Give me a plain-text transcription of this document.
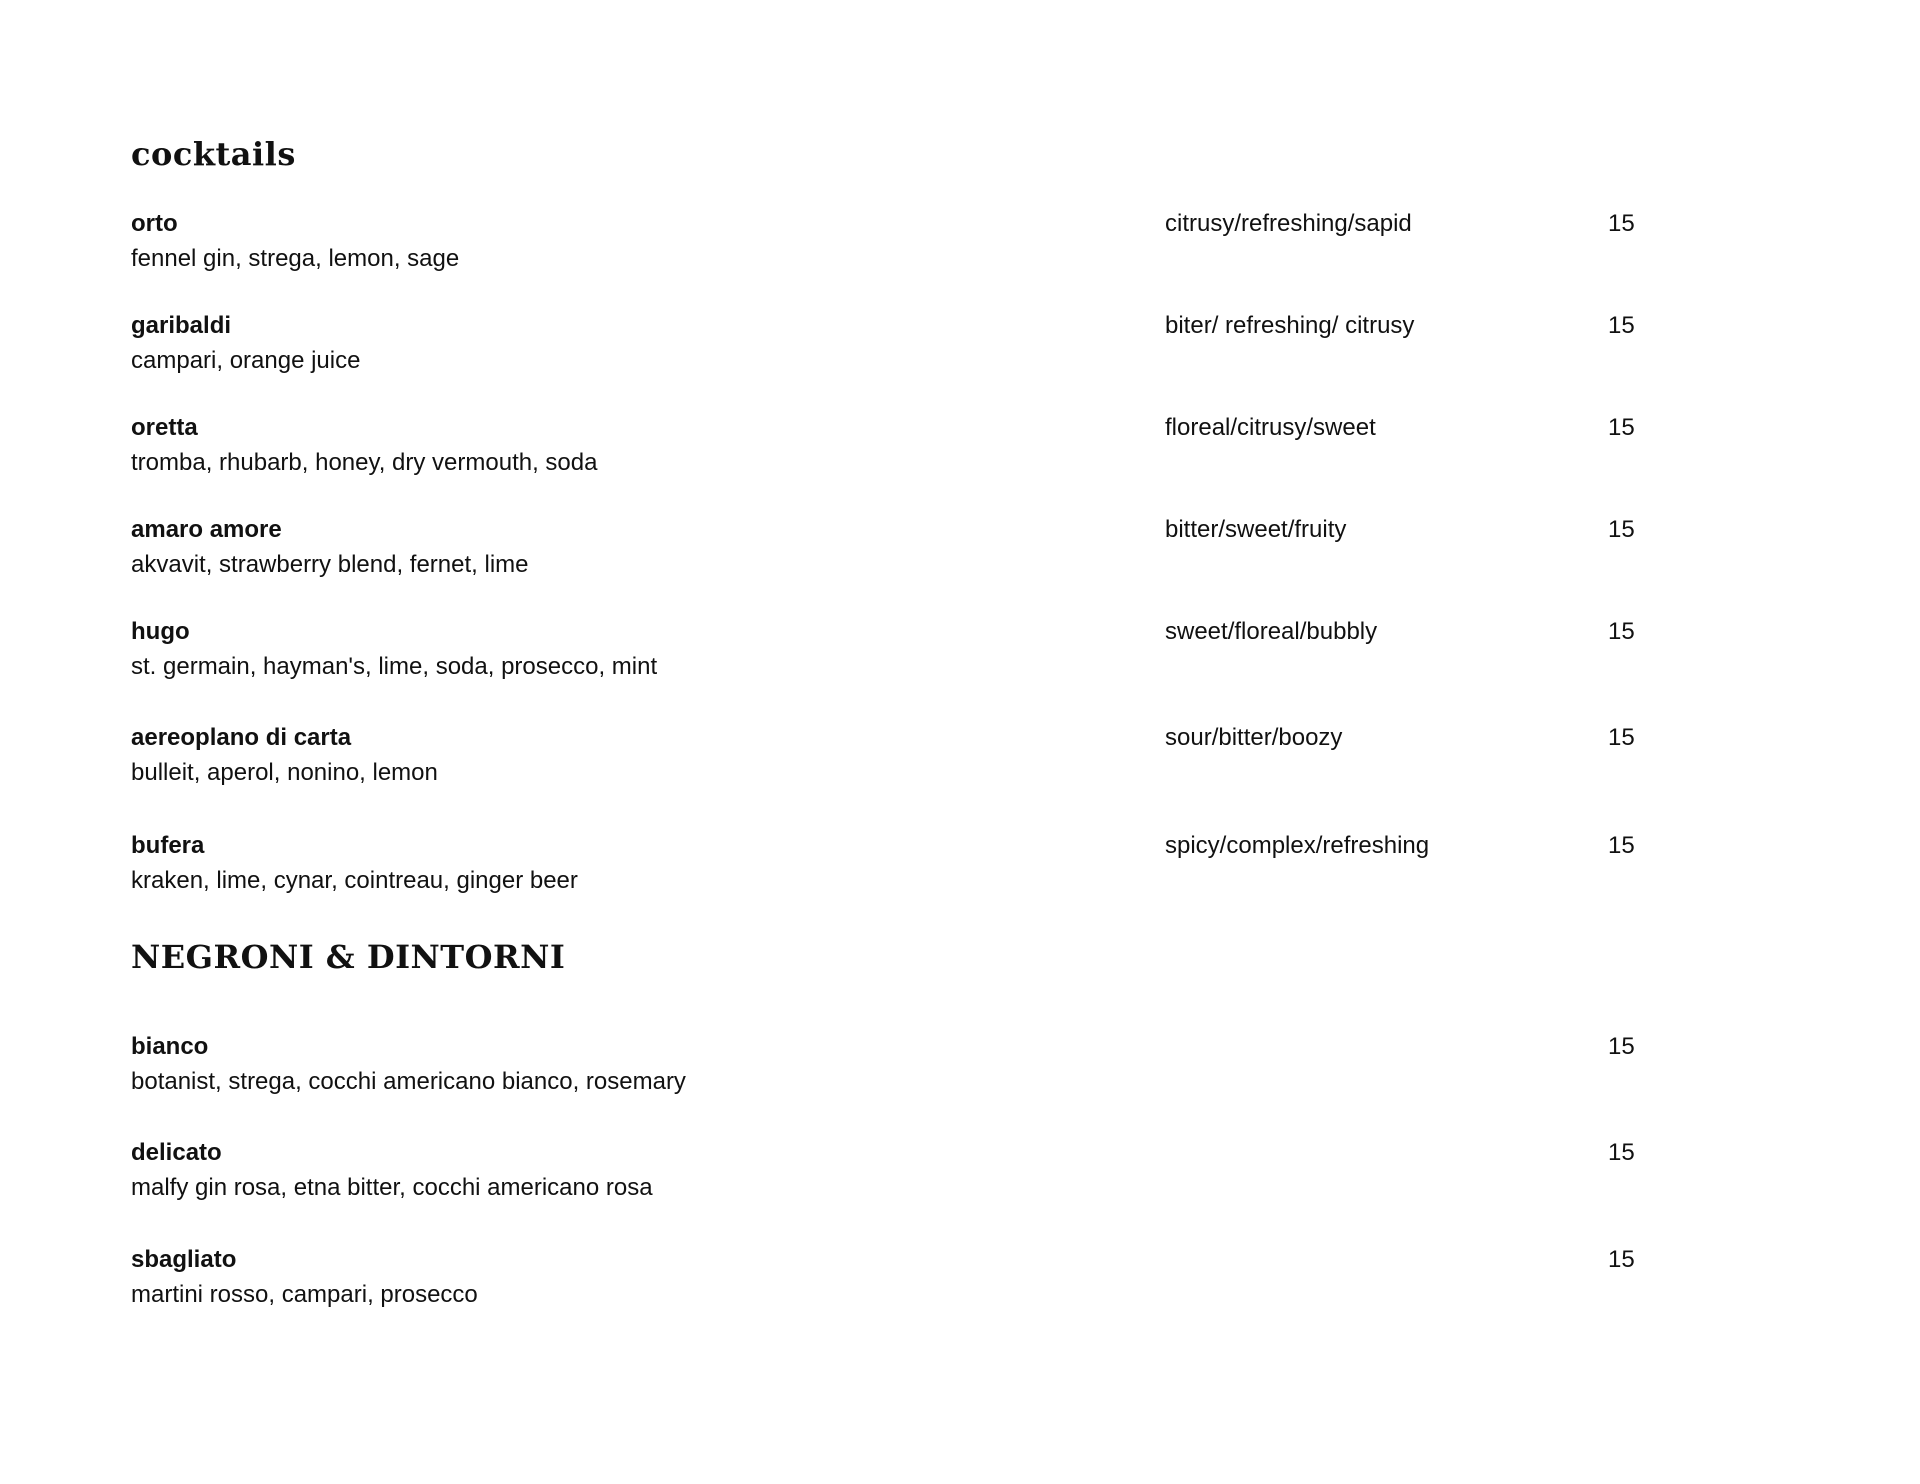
cocktails
orto
fennel gin, strega, lemon, sage
citrusy/refreshing/sapid	15
garibaldi
campari, orange juice
biter/ refreshing/ citrusy	15
oretta
tromba, rhubarb, honey, dry vermouth, soda
floreal/citrusy/sweet	15
amaro amore
akvavit, strawberry blend, fernet, lime
bitter/sweet/fruity	15
hugo
st. germain, hayman's, lime, soda, prosecco, mint
sweet/floreal/bubbly	15
aereoplano di carta
bulleit, aperol, nonino, lemon
sour/bitter/boozy	15
bufera
kraken, lime, cynar, cointreau, ginger beer
spicy/complex/refreshing	15
NEGRONI & DINTORNI
bianco
botanist, strega, cocchi americano bianco, rosemary
15
delicato
malfy gin rosa, etna bitter, cocchi americano rosa
15
sbagliato
martini rosso, campari, prosecco
15
